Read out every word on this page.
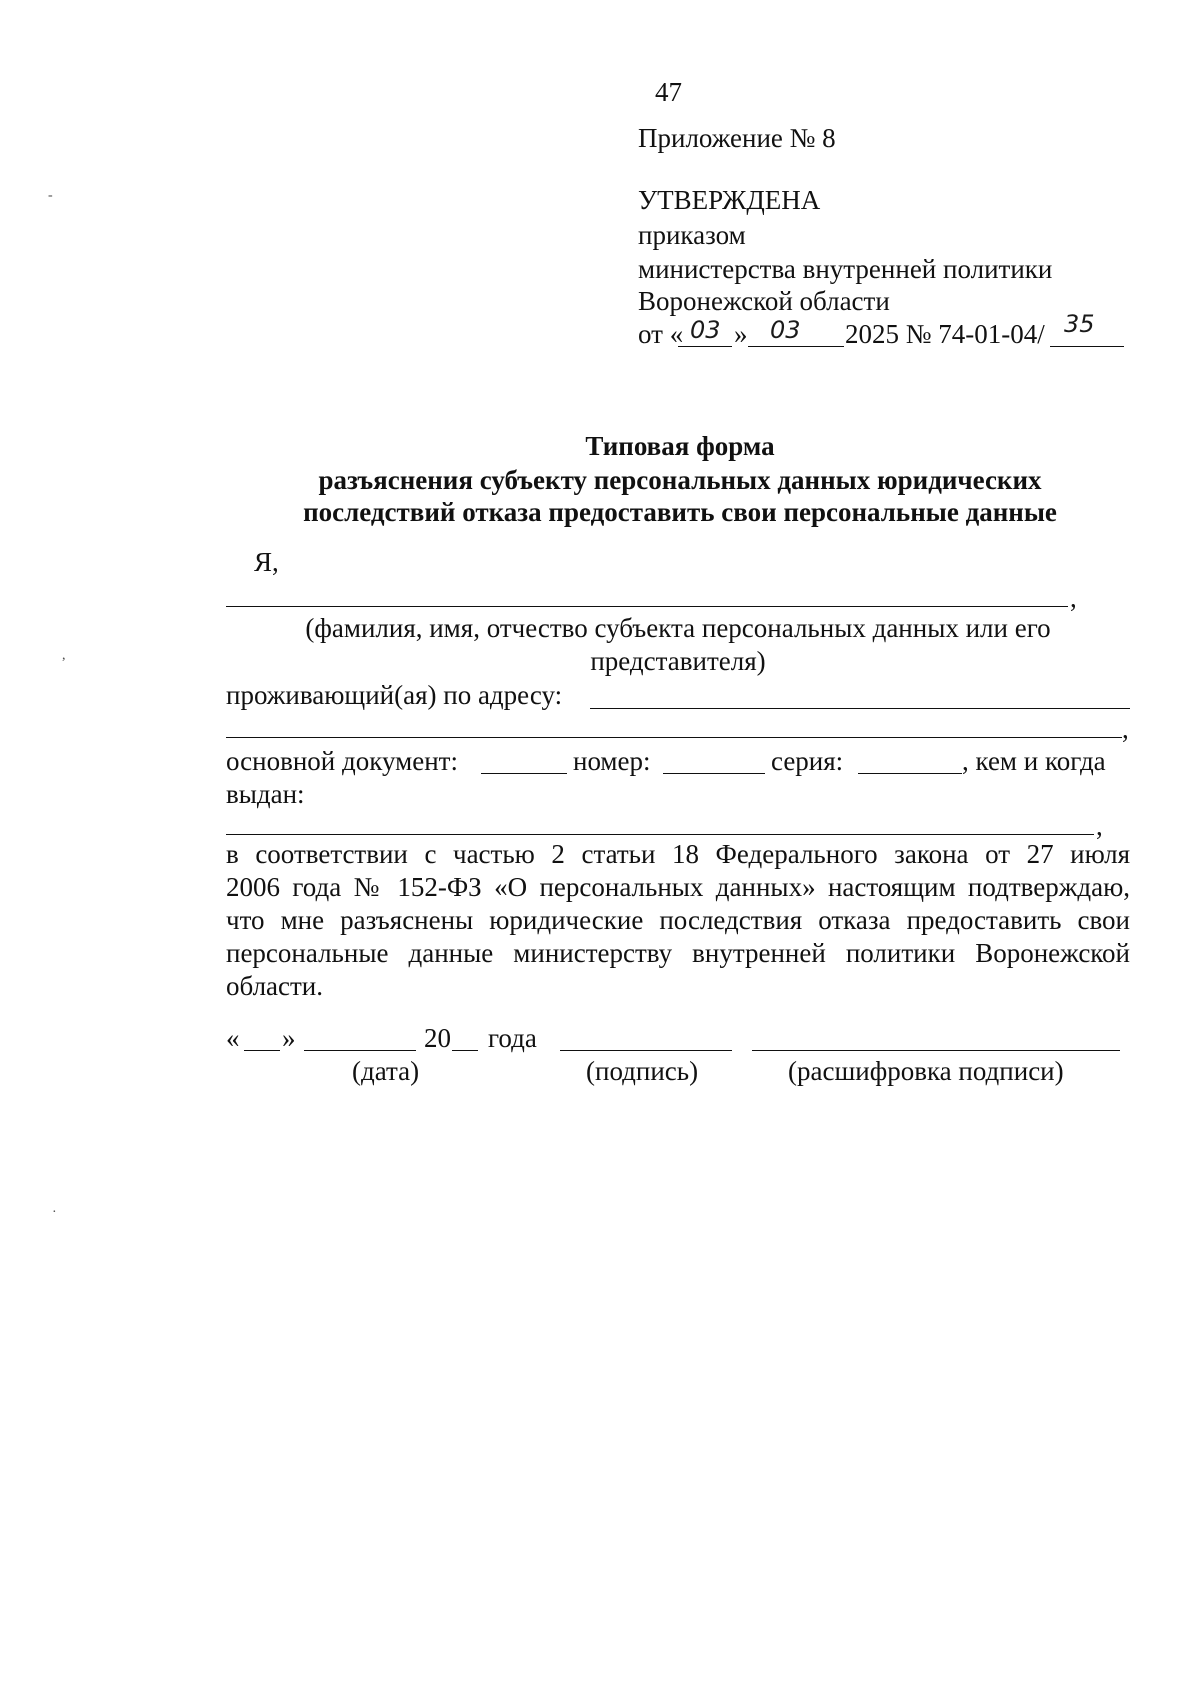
-
,
·
47
Приложение № 8
УТВЕРЖДЕНА
приказом
министерства внутренней политики
Воронежской области
от « 03 » 03 2025 № 74-01-04/ 35
Типовая форма
разъяснения субъекту персональных данных юридических
последствий отказа предоставить свои персональные данные
Я,
,
(фамилия, имя, отчество субъекта персональных данных или его
представителя)
проживающий(ая) по адресу:
,
основной документ:	номер:	серия:	, кем и когда
выдан:
,
в соответствии с частью 2 статьи 18 Федерального закона от 27 июля
2006 года № 152-ФЗ «О персональных данных» настоящим подтверждаю,
что мне разъяснены юридические последствия отказа предоставить свои
персональные данные министерству внутренней политики Воронежской
области.
« »	20 года
(дата)	(подпись)	(расшифровка подписи)
